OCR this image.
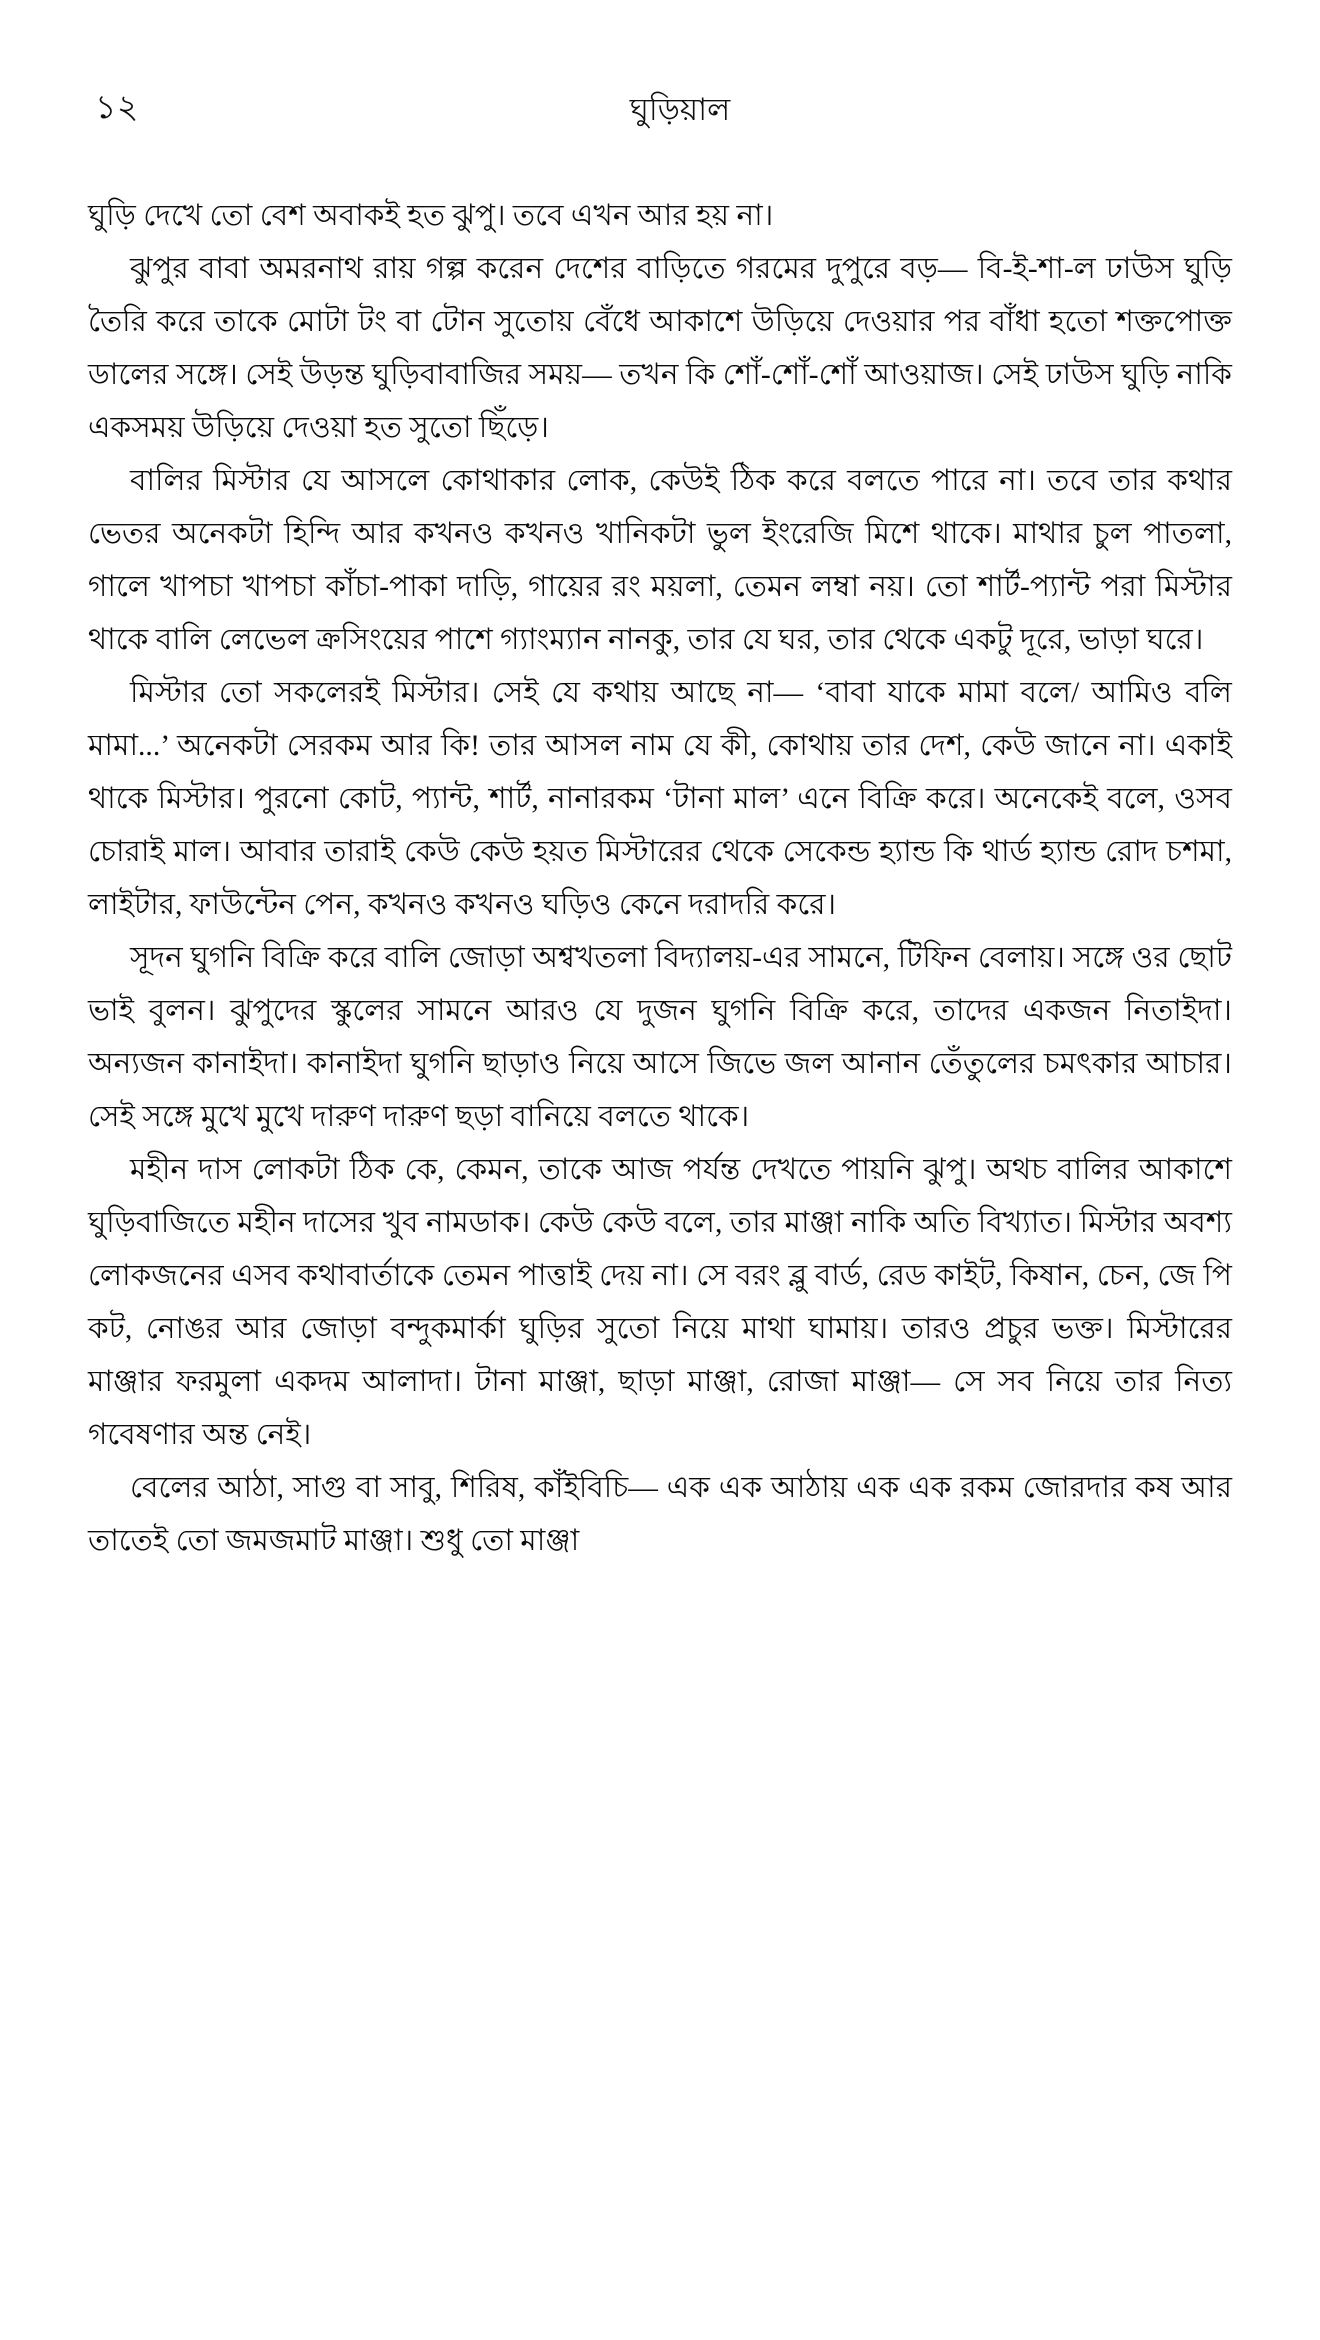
১২	ঘুড়িয়াল

ঘুড়ি দেখে তো বেশ অবাকই হত ঝুপু। তবে এখন আর হয় না।

ঝুপুর বাবা অমরনাথ রায় গল্প করেন দেশের বাড়িতে গরমের দুপুরে বড়— বি-ই-শা-ল ঢাউস ঘুড়ি তৈরি করে তাকে মোটা টং বা টোন সুতোয় বেঁধে আকাশে উড়িয়ে দেওয়ার পর বাঁধা হতো শক্তপোক্ত ডালের সঙ্গে। সেই উড়ন্ত ঘুড়িবাবাজির সময়— তখন কি শোঁ-শোঁ-শোঁ আওয়াজ। সেই ঢাউস ঘুড়ি নাকি একসময় উড়িয়ে দেওয়া হত সুতো ছিঁড়ে।

বালির মিস্টার যে আসলে কোথাকার লোক, কেউই ঠিক করে বলতে পারে না। তবে তার কথার ভেতর অনেকটা হিন্দি আর কখনও কখনও খানিকটা ভুল ইংরেজি মিশে থাকে। মাথার চুল পাতলা, গালে খাপচা খাপচা কাঁচা-পাকা দাড়ি, গায়ের রং ময়লা, তেমন লম্বা নয়। তো শার্ট-প্যান্ট পরা মিস্টার থাকে বালি লেভেল ক্রসিংয়ের পাশে গ্যাংম্যান নানকু, তার যে ঘর, তার থেকে একটু দূরে, ভাড়া ঘরে।

মিস্টার তো সকলেরই মিস্টার। সেই যে কথায় আছে না— ‘বাবা যাকে মামা বলে/ আমিও বলি মামা...’ অনেকটা সেরকম আর কি! তার আসল নাম যে কী, কোথায় তার দেশ, কেউ জানে না। একাই থাকে মিস্টার। পুরনো কোট, প্যান্ট, শার্ট, নানারকম ‘টানা মাল’ এনে বিক্রি করে। অনেকেই বলে, ওসব চোরাই মাল। আবার তারাই কেউ কেউ হয়ত মিস্টারের থেকে সেকেন্ড হ্যান্ড কি থার্ড হ্যান্ড রোদ চশমা, লাইটার, ফাউন্টেন পেন, কখনও কখনও ঘড়িও কেনে দরাদরি করে।

সূদন ঘুগনি বিক্রি করে বালি জোড়া অশ্বখতলা বিদ্যালয়-এর সামনে, টিফিন বেলায়। সঙ্গে ওর ছোট ভাই বুলন। ঝুপুদের স্কুলের সামনে আরও যে দুজন ঘুগনি বিক্রি করে, তাদের একজন নিতাইদা। অন্যজন কানাইদা। কানাইদা ঘুগনি ছাড়াও নিয়ে আসে জিভে জল আনান তেঁতুলের চমৎকার আচার। সেই সঙ্গে মুখে মুখে দারুণ দারুণ ছড়া বানিয়ে বলতে থাকে।

মহীন দাস লোকটা ঠিক কে, কেমন, তাকে আজ পর্যন্ত দেখতে পায়নি ঝুপু। অথচ বালির আকাশে ঘুড়িবাজিতে মহীন দাসের খুব নামডাক। কেউ কেউ বলে, তার মাঞ্জা নাকি অতি বিখ্যাত। মিস্টার অবশ্য লোকজনের এসব কথাবার্তাকে তেমন পাত্তাই দেয় না। সে বরং ব্লু বার্ড, রেড কাইট, কিষান, চেন, জে পি কট, নোঙর আর জোড়া বন্দুকমার্কা ঘুড়ির সুতো নিয়ে মাথা ঘামায়। তারও প্রচুর ভক্ত। মিস্টারের মাঞ্জার ফরমুলা একদম আলাদা। টানা মাঞ্জা, ছাড়া মাঞ্জা, রোজা মাঞ্জা— সে সব নিয়ে তার নিত্য গবেষণার অন্ত নেই।

বেলের আঠা, সাগু বা সাবু, শিরিষ, কাঁইবিচি— এক এক আঠায় এক এক রকম জোরদার কষ আর তাতেই তো জমজমাট মাঞ্জা। শুধু তো মাঞ্জা
